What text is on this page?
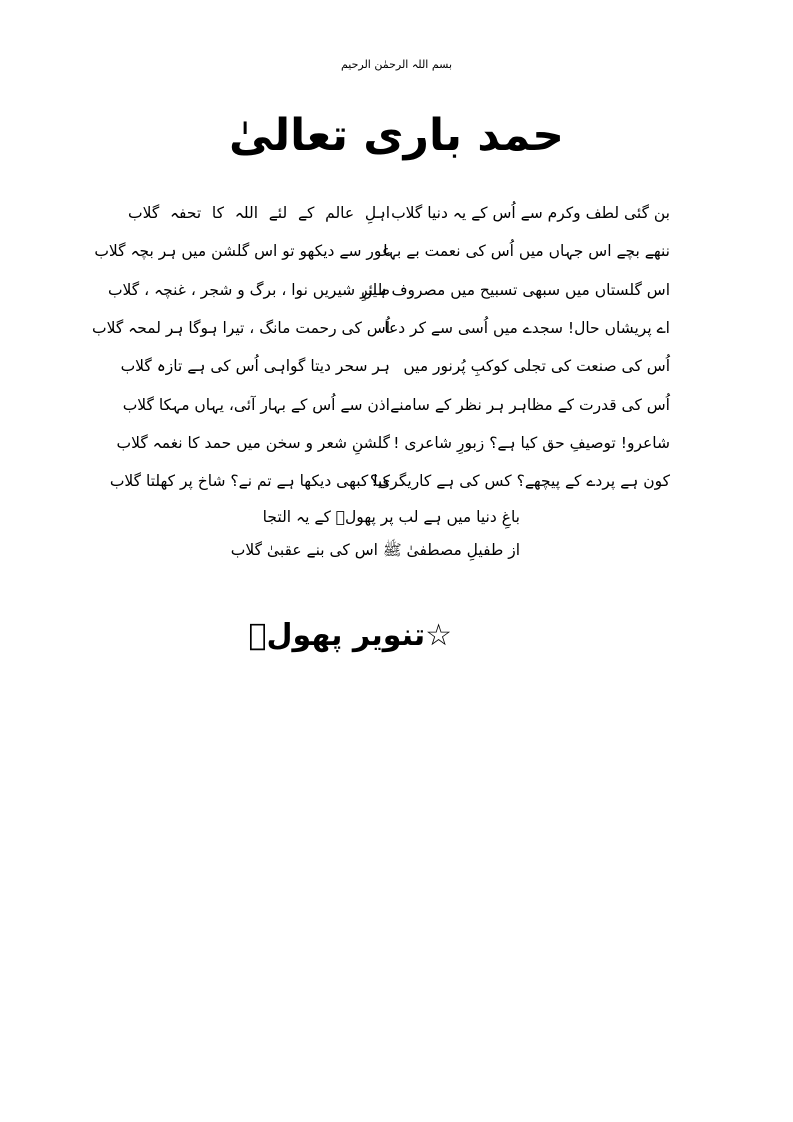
بسم اللہ الرحمٰن الرحیم
حمد باری تعالیٰ
بن گئی لطف وکرم سے اُس کے یہ دنیا گلاب
اہلِ عالم کے لئے اللہ کا تحفہ گلاب
ننھے بچے اس جہاں میں اُس کی نعمت بے بہا
غور سے دیکھو تو اس گلشن میں ہر بچہ گلاب
اس گلستاں میں سبھی تسبیح میں مصروف ہیں
طائرِ شیریں نوا ، برگ و شجر ، غنچہ ، گلاب
اے پریشاں حال! سجدے میں اُسی سے کر دعا
اُس کی رحمت مانگ ، تیرا ہوگا ہر لمحہ گلاب
اُس کی صنعت کی تجلی کوکبِ پُرنور میں
ہر سحر دیتا گواہی اُس کی ہے تازہ گلاب
اُس کی قدرت کے مظاہر ہر نظر کے سامنے
اذن سے اُس کے بہار آئی، یہاں مہکا گلاب
شاعرو! توصیفِ حق کیا ہے؟ زبورِ شاعری !
گلشنِ شعر و سخن میں حمد کا نغمہ گلاب
کون ہے پردے کے پیچھے؟ کس کی ہے کاریگری؟
کیا کبھی دیکھا ہے تم نے؟ شاخ پر کھلتا گلاب
باغِ دنیا میں ہے لب پر پھولؔ کے یہ التجا
از طفیلِ مصطفیٰ ﷺ اس کی بنے عقبیٰ گلاب
☆تنویر پھولؔ
